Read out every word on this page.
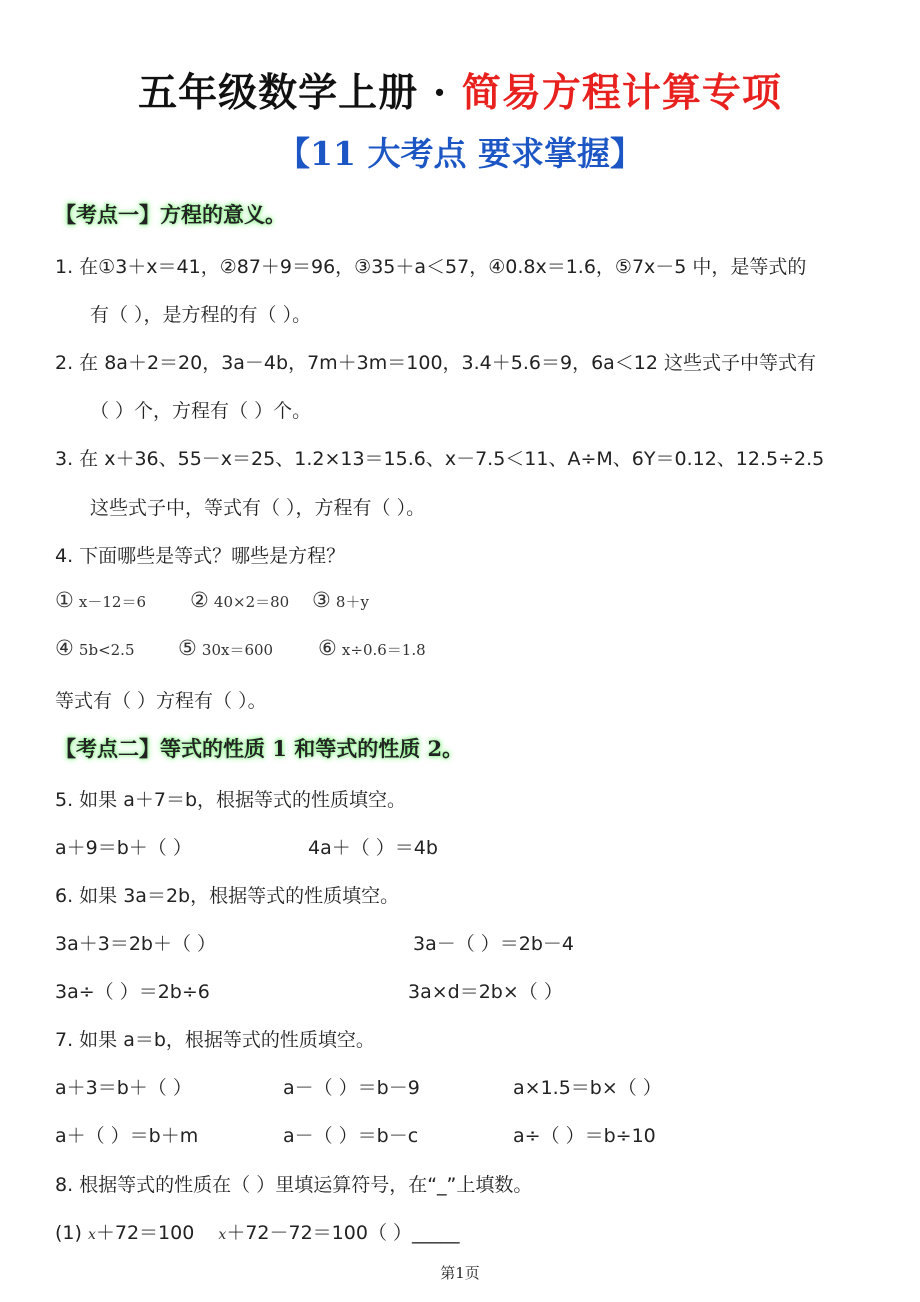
五年级数学上册 · 简易方程计算专项
【11 大考点 要求掌握】
【考点一】方程的意义。
1. 在①3＋x＝41，②87＋9＝96，③35＋a＜57，④0.8x＝1.6，⑤7x－5 中，是等式的
有（ ），是方程的有（ ）。
2. 在 8a＋2＝20，3a－4b，7m＋3m＝100，3.4＋5.6＝9，6a＜12 这些式子中等式有
（ ）个，方程有（ ）个。
3. 在 x＋36、55－x＝25、1.2×13＝15.6、x－7.5＜11、A÷M、6Y＝0.12、12.5÷2.5
这些式子中，等式有（ ），方程有（ ）。
4. 下面哪些是等式？哪些是方程？
① x－12＝6 ② 40×2＝80 ③ 8＋y
④ 5b<2.5 ⑤ 30x＝600 ⑥ x÷0.6＝1.8
等式有（ ）方程有（ ）。
【考点二】等式的性质 1 和等式的性质 2。
5. 如果 a＋7＝b，根据等式的性质填空。
a＋9＝b＋（ ）	4a＋（ ）＝4b
6. 如果 3a＝2b，根据等式的性质填空。
3a＋3＝2b＋（ ）	3a－（ ）＝2b－4
3a÷（ ）＝2b÷6	3a×d＝2b×（ ）
7. 如果 a＝b，根据等式的性质填空。
a＋3＝b＋（ ）	a－（ ）＝b－9	a×1.5＝b×（ ）
a＋（ ）＝b＋m	a－（ ）＝b－c	a÷（ ）＝b÷10
8. 根据等式的性质在（ ）里填运算符号，在“_”上填数。
(1) x＋72＝100 x＋72－72＝100（ ）_____
第1页
